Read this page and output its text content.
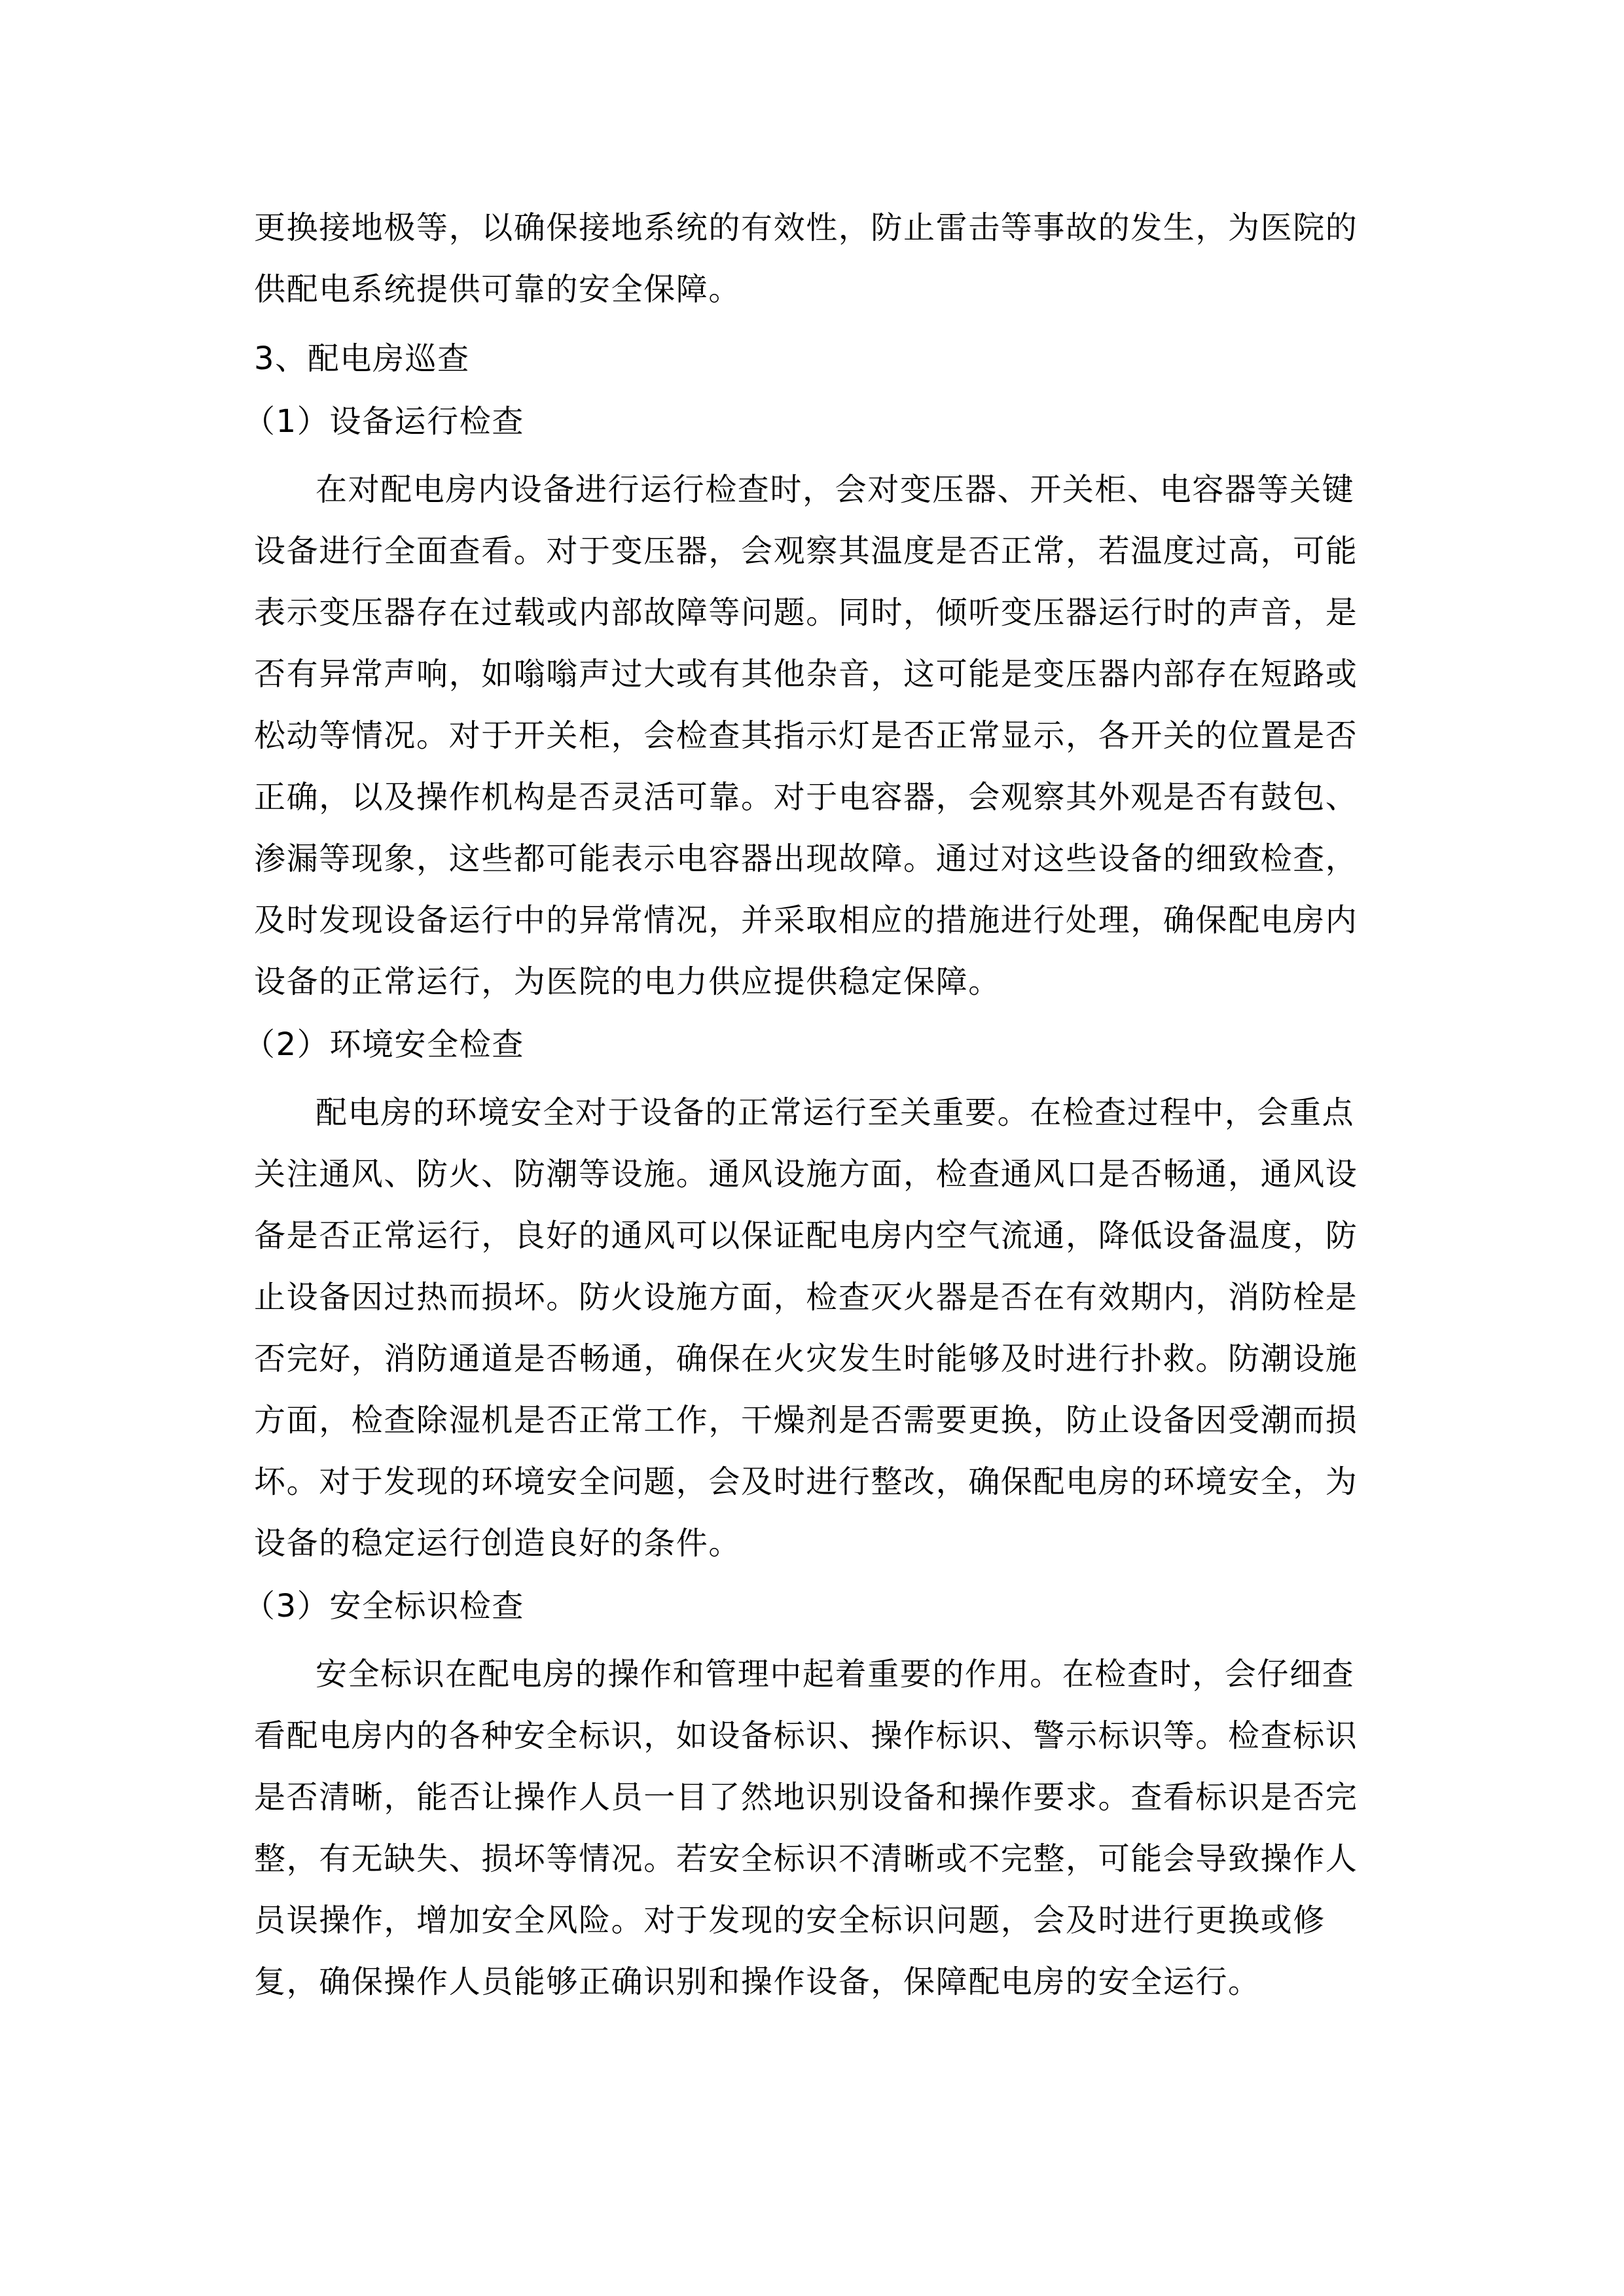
更换接地极等，以确保接地系统的有效性，防止雷击等事故的发生，为医院的
供配电系统提供可靠的安全保障。
3、配电房巡查
（1）设备运行检查
在对配电房内设备进行运行检查时，会对变压器、开关柜、电容器等关键
设备进行全面查看。对于变压器，会观察其温度是否正常，若温度过高，可能
表示变压器存在过载或内部故障等问题。同时，倾听变压器运行时的声音，是
否有异常声响，如嗡嗡声过大或有其他杂音，这可能是变压器内部存在短路或
松动等情况。对于开关柜，会检查其指示灯是否正常显示，各开关的位置是否
正确，以及操作机构是否灵活可靠。对于电容器，会观察其外观是否有鼓包、
渗漏等现象，这些都可能表示电容器出现故障。通过对这些设备的细致检查，
及时发现设备运行中的异常情况，并采取相应的措施进行处理，确保配电房内
设备的正常运行，为医院的电力供应提供稳定保障。
（2）环境安全检查
配电房的环境安全对于设备的正常运行至关重要。在检查过程中，会重点
关注通风、防火、防潮等设施。通风设施方面，检查通风口是否畅通，通风设
备是否正常运行，良好的通风可以保证配电房内空气流通，降低设备温度，防
止设备因过热而损坏。防火设施方面，检查灭火器是否在有效期内，消防栓是
否完好，消防通道是否畅通，确保在火灾发生时能够及时进行扑救。防潮设施
方面，检查除湿机是否正常工作，干燥剂是否需要更换，防止设备因受潮而损
坏。对于发现的环境安全问题，会及时进行整改，确保配电房的环境安全，为
设备的稳定运行创造良好的条件。
（3）安全标识检查
安全标识在配电房的操作和管理中起着重要的作用。在检查时，会仔细查
看配电房内的各种安全标识，如设备标识、操作标识、警示标识等。检查标识
是否清晰，能否让操作人员一目了然地识别设备和操作要求。查看标识是否完
整，有无缺失、损坏等情况。若安全标识不清晰或不完整，可能会导致操作人
员误操作，增加安全风险。对于发现的安全标识问题，会及时进行更换或修
复，确保操作人员能够正确识别和操作设备，保障配电房的安全运行。
